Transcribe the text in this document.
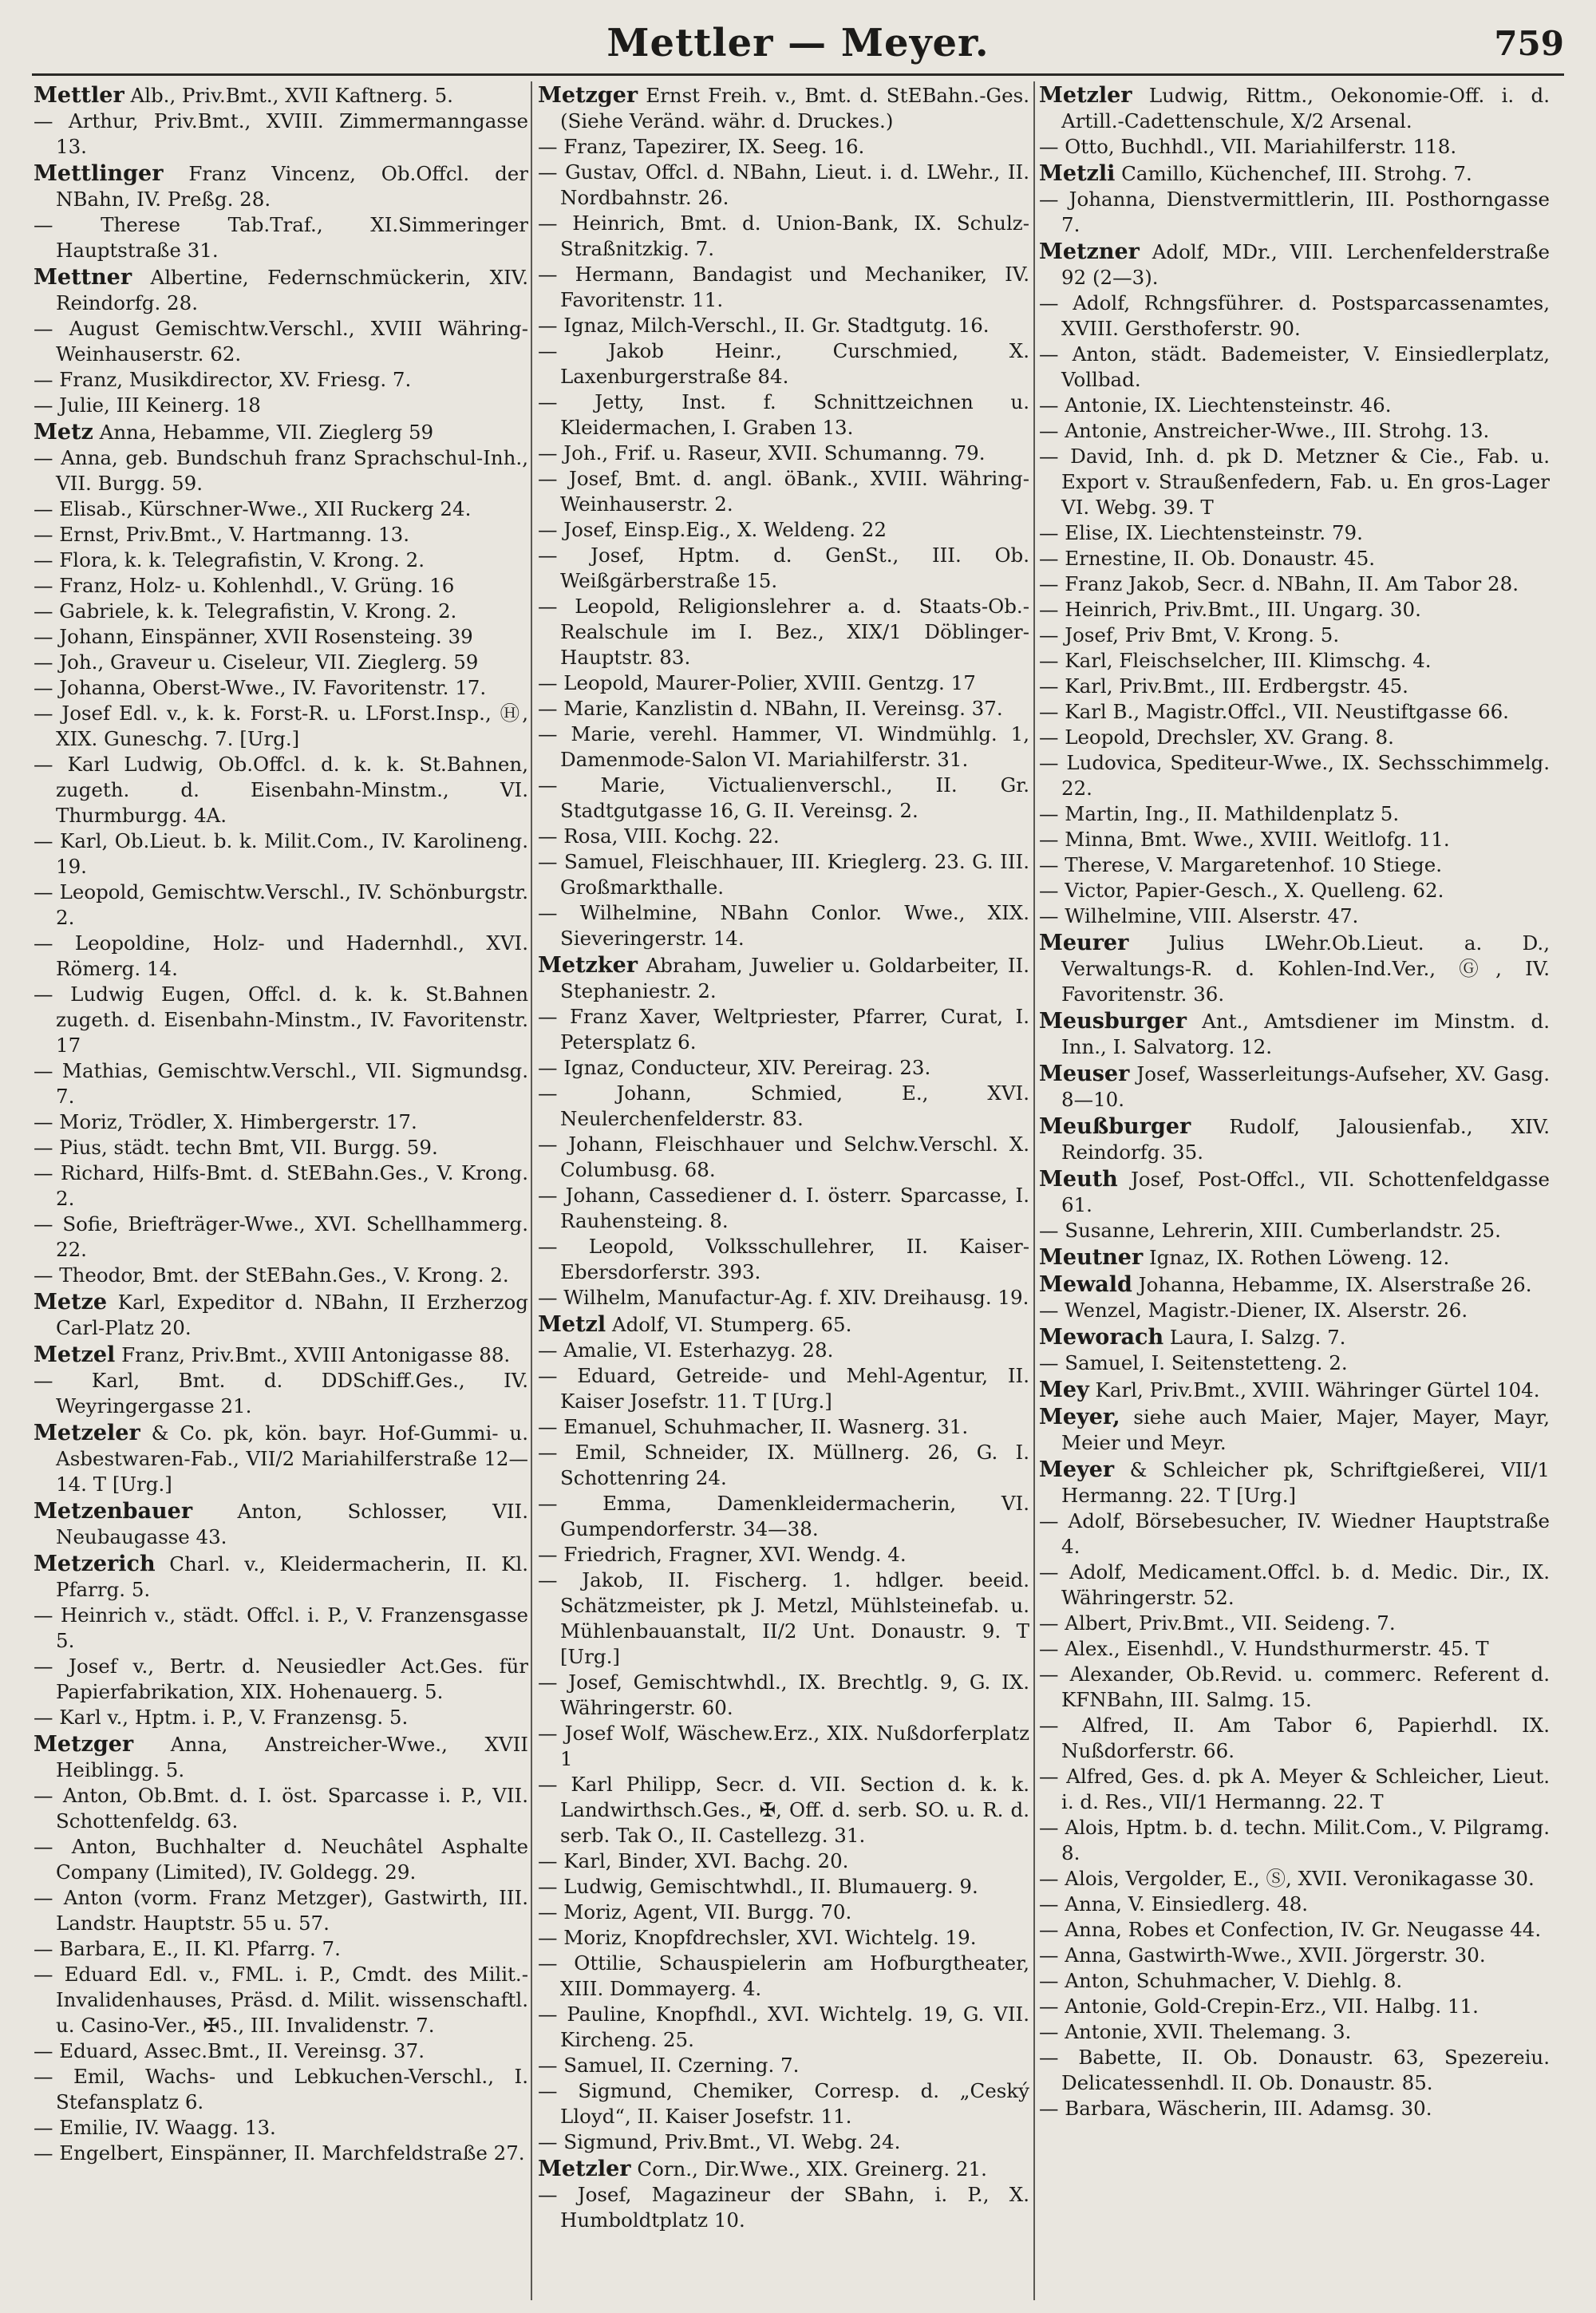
Mettler — Meyer.	759

Mettler Alb., Priv.Bmt., XVII Kaftnerg. 5.

— Arthur, Priv.Bmt., XVIII. Zimmermanngasse 13.

Mettlinger Franz Vincenz, Ob.Offcl. der NBahn, IV. Preßg. 28.

— Therese Tab.Traf., XI.Simmeringer Hauptstraße 31.

Mettner Albertine, Federnschmückerin, XIV. Reindorfg. 28.

— August Gemischtw.Verschl., XVIII Währing-Weinhauserstr. 62.

— Franz, Musikdirector, XV. Friesg. 7.

— Julie, III Keinerg. 18

Metz Anna, Hebamme, VII. Zieglerg 59

— Anna, geb. Bundschuh franz Sprachschul-Inh., VII. Burgg. 59.

— Elisab., Kürschner-Wwe., XII Ruckerg 24.

— Ernst, Priv.Bmt., V. Hartmanng. 13.

— Flora, k. k. Telegrafistin, V. Krong. 2.

— Franz, Holz- u. Kohlenhdl., V. Grüng. 16

— Gabriele, k. k. Telegrafistin, V. Krong. 2.

— Johann, Einspänner, XVII Rosensteing. 39

— Joh., Graveur u. Ciseleur, VII. Zieglerg. 59

— Johanna, Oberst-Wwe., IV. Favoritenstr. 17.

— Josef Edl. v., k. k. Forst-R. u. LForst.Insp., Ⓗ, XIX. Guneschg. 7. [Urg.]

— Karl Ludwig, Ob.Offcl. d. k. k. St.Bahnen, zugeth. d. Eisenbahn-Minstm., VI. Thurmburgg. 4A.

— Karl, Ob.Lieut. b. k. Milit.Com., IV. Karolineng. 19.

— Leopold, Gemischtw.Verschl., IV. Schönburgstr. 2.

— Leopoldine, Holz- und Hadernhdl., XVI. Römerg. 14.

— Ludwig Eugen, Offcl. d. k. k. St.Bahnen zugeth. d. Eisenbahn-Minstm., IV. Favoritenstr. 17

— Mathias, Gemischtw.Verschl., VII. Sigmundsg. 7.

— Moriz, Trödler, X. Himbergerstr. 17.

— Pius, städt. techn Bmt, VII. Burgg. 59.

— Richard, Hilfs-Bmt. d. StEBahn.Ges., V. Krong. 2.

— Sofie, Briefträger-Wwe., XVI. Schellhammerg. 22.

— Theodor, Bmt. der StEBahn.Ges., V. Krong. 2.

Metze Karl, Expeditor d. NBahn, II Erzherzog Carl-Platz 20.

Metzel Franz, Priv.Bmt., XVIII Antonigasse 88.

— Karl, Bmt. d. DDSchiff.Ges., IV. Weyringergasse 21.

Metzeler & Co. pk, kön. bayr. Hof-Gummi- u. Asbestwaren-Fab., VII/2 Mariahilferstraße 12—14. T [Urg.]

Metzenbauer Anton, Schlosser, VII. Neubaugasse 43.

Metzerich Charl. v., Kleidermacherin, II. Kl. Pfarrg. 5.

— Heinrich v., städt. Offcl. i. P., V. Franzensgasse 5.

— Josef v., Bertr. d. Neusiedler Act.Ges. für Papierfabrikation, XIX. Hohenauerg. 5.

— Karl v., Hptm. i. P., V. Franzensg. 5.

Metzger Anna, Anstreicher-Wwe., XVII Heiblingg. 5.

— Anton, Ob.Bmt. d. I. öst. Sparcasse i. P., VII. Schottenfeldg. 63.

— Anton, Buchhalter d. Neuchâtel Asphalte Company (Limited), IV. Goldegg. 29.

— Anton (vorm. Franz Metzger), Gastwirth, III. Landstr. Hauptstr. 55 u. 57.

— Barbara, E., II. Kl. Pfarrg. 7.

— Eduard Edl. v., FML. i. P., Cmdt. des Milit.-Invalidenhauses, Präsd. d. Milit. wissenschaftl. u. Casino-Ver., ✠5., III. Invalidenstr. 7.

— Eduard, Assec.Bmt., II. Vereinsg. 37.

— Emil, Wachs- und Lebkuchen-Verschl., I. Stefansplatz 6.

— Emilie, IV. Waagg. 13.

— Engelbert, Einspänner, II. Marchfeldstraße 27.

Metzger Ernst Freih. v., Bmt. d. StEBahn.-Ges. (Siehe Veränd. währ. d. Druckes.)

— Franz, Tapezirer, IX. Seeg. 16.

— Gustav, Offcl. d. NBahn, Lieut. i. d. LWehr., II. Nordbahnstr. 26.

— Heinrich, Bmt. d. Union-Bank, IX. Schulz-Straßnitzkig. 7.

— Hermann, Bandagist und Mechaniker, IV. Favoritenstr. 11.

— Ignaz, Milch-Verschl., II. Gr. Stadtgutg. 16.

— Jakob Heinr., Curschmied, X. Laxenburgerstraße 84.

— Jetty, Inst. f. Schnittzeichnen u. Kleidermachen, I. Graben 13.

— Joh., Frif. u. Raseur, XVII. Schumanng. 79.

— Josef, Bmt. d. angl. öBank., XVIII. Währing-Weinhauserstr. 2.

— Josef, Einsp.Eig., X. Weldeng. 22

— Josef, Hptm. d. GenSt., III. Ob. Weißgärberstraße 15.

— Leopold, Religionslehrer a. d. Staats-Ob.-Realschule im I. Bez., XIX/1 Döblinger-Hauptstr. 83.

— Leopold, Maurer-Polier, XVIII. Gentzg. 17

— Marie, Kanzlistin d. NBahn, II. Vereinsg. 37.

— Marie, verehl. Hammer, VI. Windmühlg. 1, Damenmode-Salon VI. Mariahilferstr. 31.

— Marie, Victualienverschl., II. Gr. Stadtgutgasse 16, G. II. Vereinsg. 2.

— Rosa, VIII. Kochg. 22.

— Samuel, Fleischhauer, III. Krieglerg. 23. G. III. Großmarkthalle.

— Wilhelmine, NBahn Conlor. Wwe., XIX. Sieveringerstr. 14.

Metzker Abraham, Juwelier u. Goldarbeiter, II. Stephaniestr. 2.

— Franz Xaver, Weltpriester, Pfarrer, Curat, I. Petersplatz 6.

— Ignaz, Conducteur, XIV. Pereirag. 23.

— Johann, Schmied, E., XVI. Neulerchenfelderstr. 83.

— Johann, Fleischhauer und Selchw.Verschl. X. Columbusg. 68.

— Johann, Cassediener d. I. österr. Sparcasse, I. Rauhensteing. 8.

— Leopold, Volksschullehrer, II. Kaiser-Ebersdorferstr. 393.

— Wilhelm, Manufactur-Ag. f. XIV. Dreihausg. 19.

Metzl Adolf, VI. Stumperg. 65.

— Amalie, VI. Esterhazyg. 28.

— Eduard, Getreide- und Mehl-Agentur, II. Kaiser Josefstr. 11. T [Urg.]

— Emanuel, Schuhmacher, II. Wasnerg. 31.

— Emil, Schneider, IX. Müllnerg. 26, G. I. Schottenring 24.

— Emma, Damenkleidermacherin, VI. Gumpendorferstr. 34—38.

— Friedrich, Fragner, XVI. Wendg. 4.

— Jakob, II. Fischerg. 1. hdlger. beeid. Schätzmeister, pk J. Metzl, Mühlsteinefab. u. Mühlenbauanstalt, II/2 Unt. Donaustr. 9. T [Urg.]

— Josef, Gemischtwhdl., IX. Brechtlg. 9, G. IX. Währingerstr. 60.

— Josef Wolf, Wäschew.Erz., XIX. Nußdorferplatz 1

— Karl Philipp, Secr. d. VII. Section d. k. k. Landwirthsch.Ges., ✠, Off. d. serb. SO. u. R. d. serb. Tak O., II. Castellezg. 31.

— Karl, Binder, XVI. Bachg. 20.

— Ludwig, Gemischtwhdl., II. Blumauerg. 9.

— Moriz, Agent, VII. Burgg. 70.

— Moriz, Knopfdrechsler, XVI. Wichtelg. 19.

— Ottilie, Schauspielerin am Hofburgtheater, XIII. Dommayerg. 4.

— Pauline, Knopfhdl., XVI. Wichtelg. 19, G. VII. Kircheng. 25.

— Samuel, II. Czerning. 7.

— Sigmund, Chemiker, Corresp. d. „Ceský Lloyd“, II. Kaiser Josefstr. 11.

— Sigmund, Priv.Bmt., VI. Webg. 24.

Metzler Corn., Dir.Wwe., XIX. Greinerg. 21.

— Josef, Magazineur der SBahn, i. P., X. Humboldtplatz 10.

Metzler Ludwig, Rittm., Oekonomie-Off. i. d. Artill.-Cadettenschule, X/2 Arsenal.

— Otto, Buchhdl., VII. Mariahilferstr. 118.

Metzli Camillo, Küchenchef, III. Strohg. 7.

— Johanna, Dienstvermittlerin, III. Posthorngasse 7.

Metzner Adolf, MDr., VIII. Lerchenfelderstraße 92 (2—3).

— Adolf, Rchngsführer. d. Postsparcassenamtes, XVIII. Gersthoferstr. 90.

— Anton, städt. Bademeister, V. Einsiedlerplatz, Vollbad.

— Antonie, IX. Liechtensteinstr. 46.

— Antonie, Anstreicher-Wwe., III. Strohg. 13.

— David, Inh. d. pk D. Metzner & Cie., Fab. u. Export v. Straußenfedern, Fab. u. En gros-Lager VI. Webg. 39. T

— Elise, IX. Liechtensteinstr. 79.

— Ernestine, II. Ob. Donaustr. 45.

— Franz Jakob, Secr. d. NBahn, II. Am Tabor 28.

— Heinrich, Priv.Bmt., III. Ungarg. 30.

— Josef, Priv Bmt, V. Krong. 5.

— Karl, Fleischselcher, III. Klimschg. 4.

— Karl, Priv.Bmt., III. Erdbergstr. 45.

— Karl B., Magistr.Offcl., VII. Neustiftgasse 66.

— Leopold, Drechsler, XV. Grang. 8.

— Ludovica, Spediteur-Wwe., IX. Sechsschimmelg. 22.

— Martin, Ing., II. Mathildenplatz 5.

— Minna, Bmt. Wwe., XVIII. Weitlofg. 11.

— Therese, V. Margaretenhof. 10 Stiege.

— Victor, Papier-Gesch., X. Quelleng. 62.

— Wilhelmine, VIII. Alserstr. 47.

Meurer Julius LWehr.Ob.Lieut. a. D., Verwaltungs-R. d. Kohlen-Ind.Ver., Ⓖ, IV. Favoritenstr. 36.

Meusburger Ant., Amtsdiener im Minstm. d. Inn., I. Salvatorg. 12.

Meuser Josef, Wasserleitungs-Aufseher, XV. Gasg. 8—10.

Meußburger Rudolf, Jalousienfab., XIV. Reindorfg. 35.

Meuth Josef, Post-Offcl., VII. Schottenfeldgasse 61.

— Susanne, Lehrerin, XIII. Cumberlandstr. 25.

Meutner Ignaz, IX. Rothen Löweng. 12.

Mewald Johanna, Hebamme, IX. Alserstraße 26.

— Wenzel, Magistr.-Diener, IX. Alserstr. 26.

Meworach Laura, I. Salzg. 7.

— Samuel, I. Seitenstetteng. 2.

Mey Karl, Priv.Bmt., XVIII. Währinger Gürtel 104.

Meyer, siehe auch Maier, Majer, Mayer, Mayr, Meier und Meyr.

Meyer & Schleicher pk, Schriftgießerei, VII/1 Hermanng. 22. T [Urg.]

— Adolf, Börsebesucher, IV. Wiedner Hauptstraße 4.

— Adolf, Medicament.Offcl. b. d. Medic. Dir., IX. Währingerstr. 52.

— Albert, Priv.Bmt., VII. Seideng. 7.

— Alex., Eisenhdl., V. Hundsthurmerstr. 45. T

— Alexander, Ob.Revid. u. commerc. Referent d. KFNBahn, III. Salmg. 15.

— Alfred, II. Am Tabor 6, Papierhdl. IX. Nußdorferstr. 66.

— Alfred, Ges. d. pk A. Meyer & Schleicher, Lieut. i. d. Res., VII/1 Hermanng. 22. T

— Alois, Hptm. b. d. techn. Milit.Com., V. Pilgramg. 8.

— Alois, Vergolder, E., Ⓢ, XVII. Veronikagasse 30.

— Anna, V. Einsiedlerg. 48.

— Anna, Robes et Confection, IV. Gr. Neugasse 44.

— Anna, Gastwirth-Wwe., XVII. Jörgerstr. 30.

— Anton, Schuhmacher, V. Diehlg. 8.

— Antonie, Gold-Crepin-Erz., VII. Halbg. 11.

— Antonie, XVII. Thelemang. 3.

— Babette, II. Ob. Donaustr. 63, Spezereiu. Delicatessenhdl. II. Ob. Donaustr. 85.

— Barbara, Wäscherin, III. Adamsg. 30.
